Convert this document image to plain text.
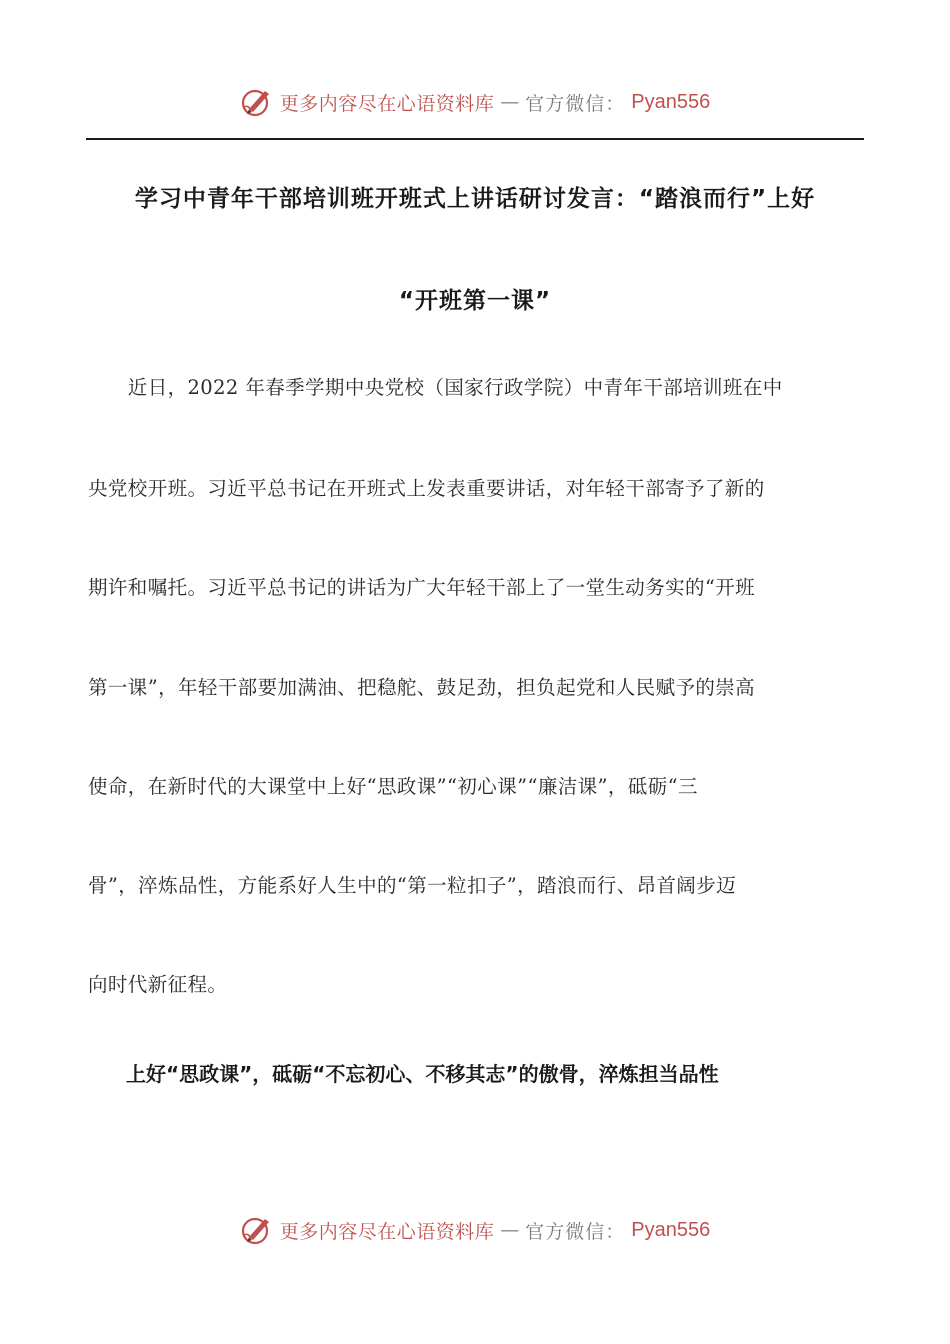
更多内容尽在心语资料库 — 官方微信： Pyan556
学习中青年干部培训班开班式上讲话研讨发言：“踏浪而行”上好
“开班第一课”
　　近日，2022 年春季学期中央党校（国家行政学院）中青年干部培训班在中
央党校开班。习近平总书记在开班式上发表重要讲话，对年轻干部寄予了新的
期许和嘱托。习近平总书记的讲话为广大年轻干部上了一堂生动务实的“开班
第一课”，年轻干部要加满油、把稳舵、鼓足劲，担负起党和人民赋予的崇高
使命，在新时代的大课堂中上好“思政课”“初心课”“廉洁课”，砥砺“三
骨”，淬炼品性，方能系好人生中的“第一粒扣子”，踏浪而行、昂首阔步迈
向时代新征程。
上好“思政课”，砥砺“不忘初心、不移其志”的傲骨，淬炼担当品性
更多内容尽在心语资料库 — 官方微信： Pyan556
